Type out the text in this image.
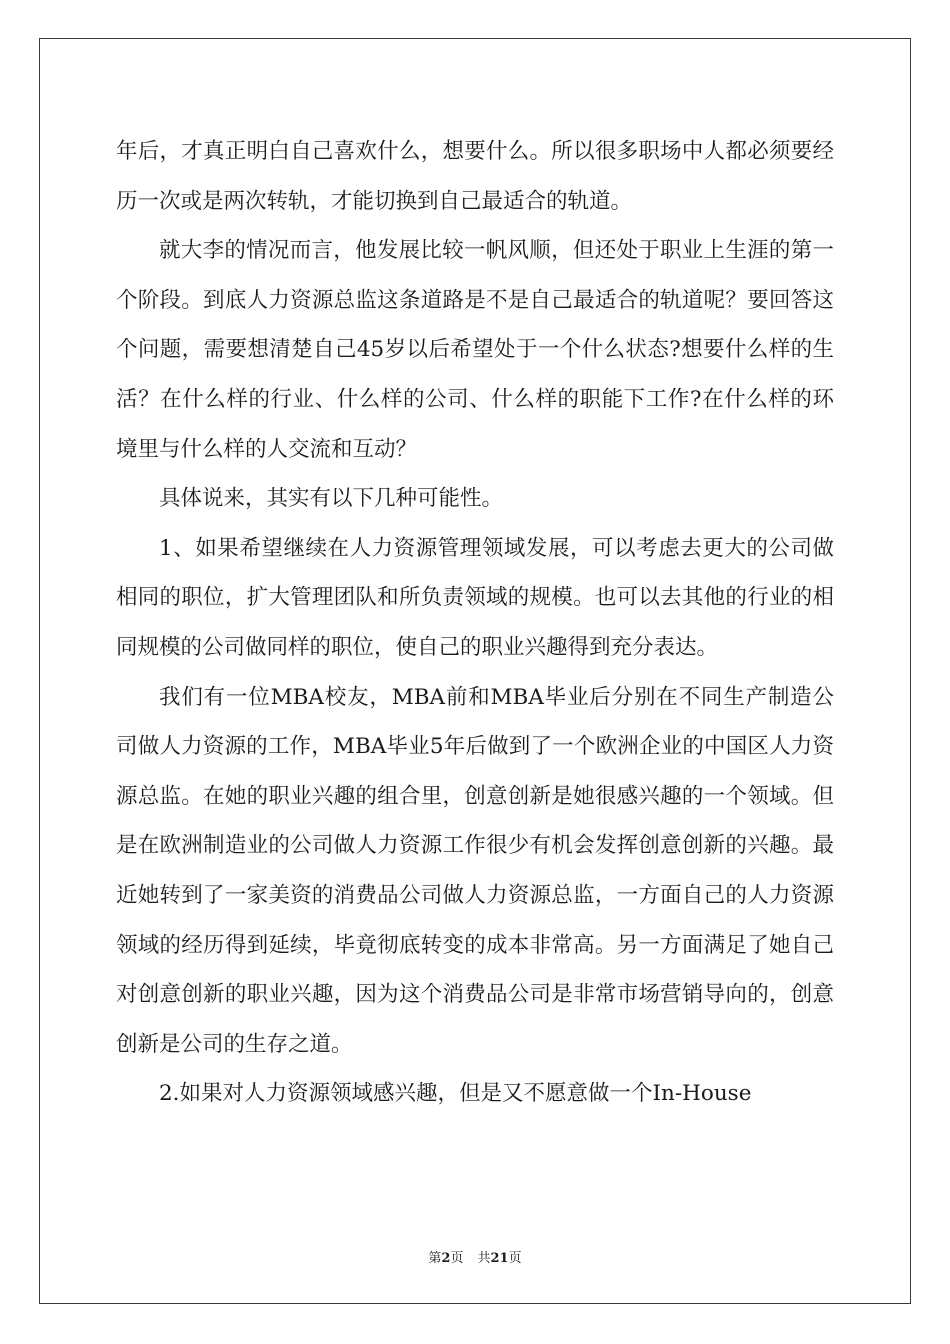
年后，才真正明白自己喜欢什么，想要什么。所以很多职场中人都必须要经历一次或是两次转轨，才能切换到自己最适合的轨道。

就大李的情况而言，他发展比较一帆风顺，但还处于职业上生涯的第一个阶段。到底人力资源总监这条道路是不是自己最适合的轨道呢？要回答这个问题，需要想清楚自己45岁以后希望处于一个什么状态?想要什么样的生活？在什么样的行业、什么样的公司、什么样的职能下工作?在什么样的环境里与什么样的人交流和互动？

具体说来，其实有以下几种可能性。

1、如果希望继续在人力资源管理领域发展，可以考虑去更大的公司做相同的职位，扩大管理团队和所负责领域的规模。也可以去其他的行业的相同规模的公司做同样的职位，使自己的职业兴趣得到充分表达。

我们有一位MBA校友，MBA前和MBA毕业后分别在不同生产制造公司做人力资源的工作，MBA毕业5年后做到了一个欧洲企业的中国区人力资源总监。在她的职业兴趣的组合里，创意创新是她很感兴趣的一个领域。但是在欧洲制造业的公司做人力资源工作很少有机会发挥创意创新的兴趣。最近她转到了一家美资的消费品公司做人力资源总监，一方面自己的人力资源领域的经历得到延续，毕竟彻底转变的成本非常高。另一方面满足了她自己对创意创新的职业兴趣，因为这个消费品公司是非常市场营销导向的，创意创新是公司的生存之道。

2.如果对人力资源领域感兴趣，但是又不愿意做一个In-House

第2页 共21页
